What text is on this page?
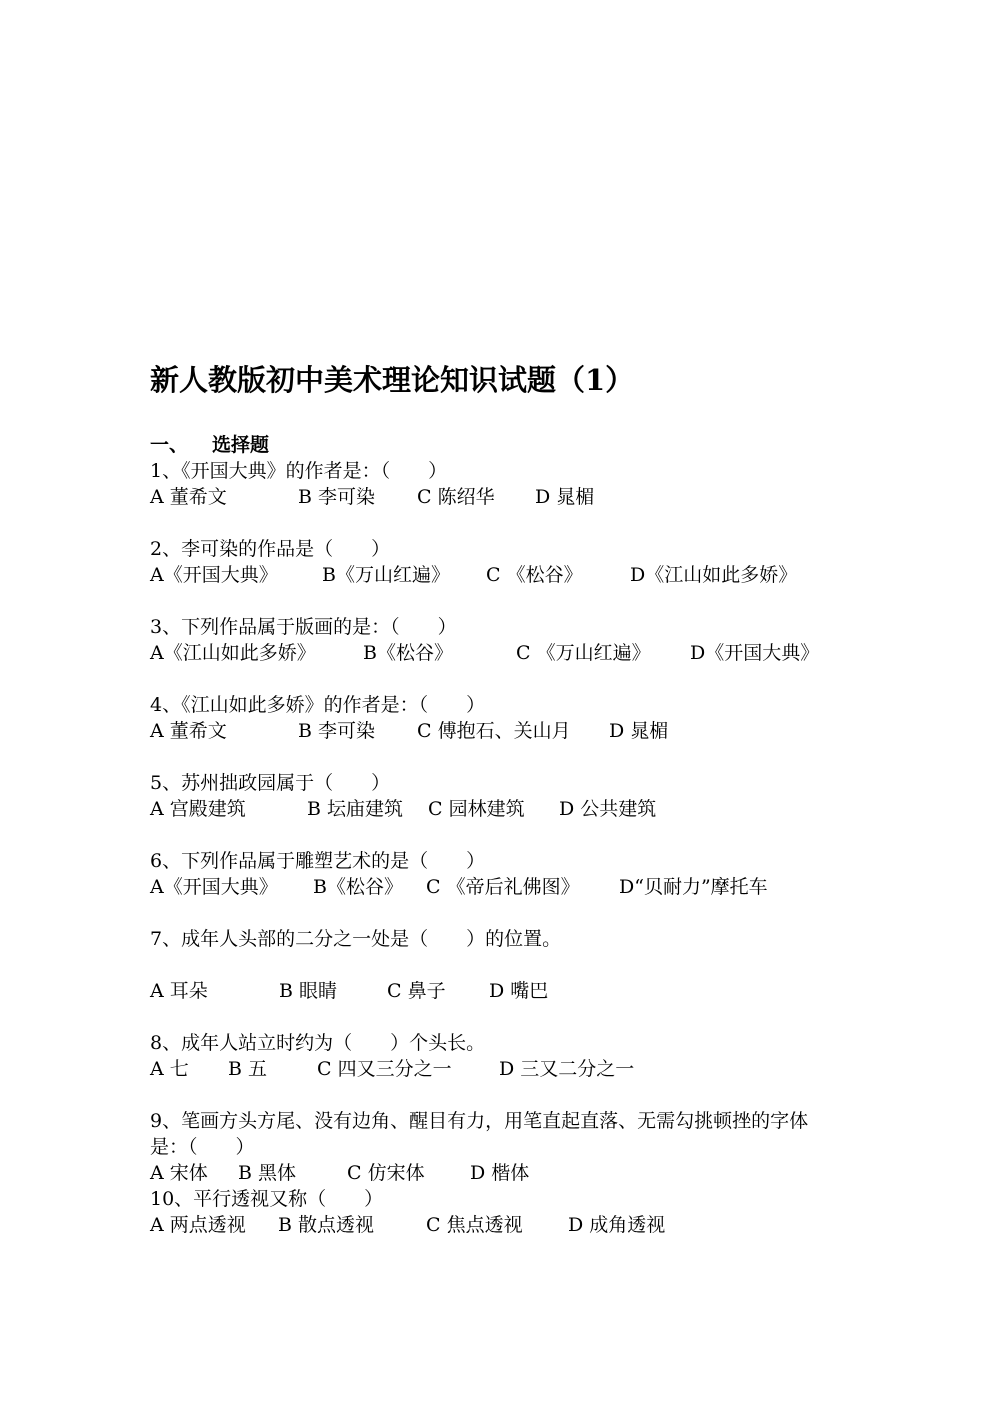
新人教版初中美术理论知识试题（1）
一、 选择题
1、《开国大典》的作者是：（　　）
A 董希文	B 李可染 C 陈绍华 D 晁楣
2、李可染的作品是（　　）
A《开国大典》 B《万山红遍》 C 《松谷》 D《江山如此多娇》
3、下列作品属于版画的是：（　　）
A《江山如此多娇》 B《松谷》	C 《万山红遍》 D《开国大典》
4、《江山如此多娇》的作者是：（　　）
A 董希文	B 李可染 C 傅抱石、关山月 D 晁楣
5、苏州拙政园属于（　　）
A 宫殿建筑	B 坛庙建筑 C 园林建筑 D 公共建筑
6、下列作品属于雕塑艺术的是（　　）
A《开国大典》 B《松谷》 C 《帝后礼佛图》 D“贝耐力”摩托车
7、成年人头部的二分之一处是（　　）的位置。
A 耳朵	B 眼睛	C 鼻子 D 嘴巴
8、成年人站立时约为（　　）个头长。
A 七 B 五	C 四又三分之一 D 三又二分之一
9、笔画方头方尾、没有边角、醒目有力，用笔直起直落、无需勾挑顿挫的字体
是：（　　）
A 宋体 B 黑体	C 仿宋体 D 楷体
10、平行透视又称（　　）
A 两点透视 B 散点透视	C 焦点透视 D 成角透视
